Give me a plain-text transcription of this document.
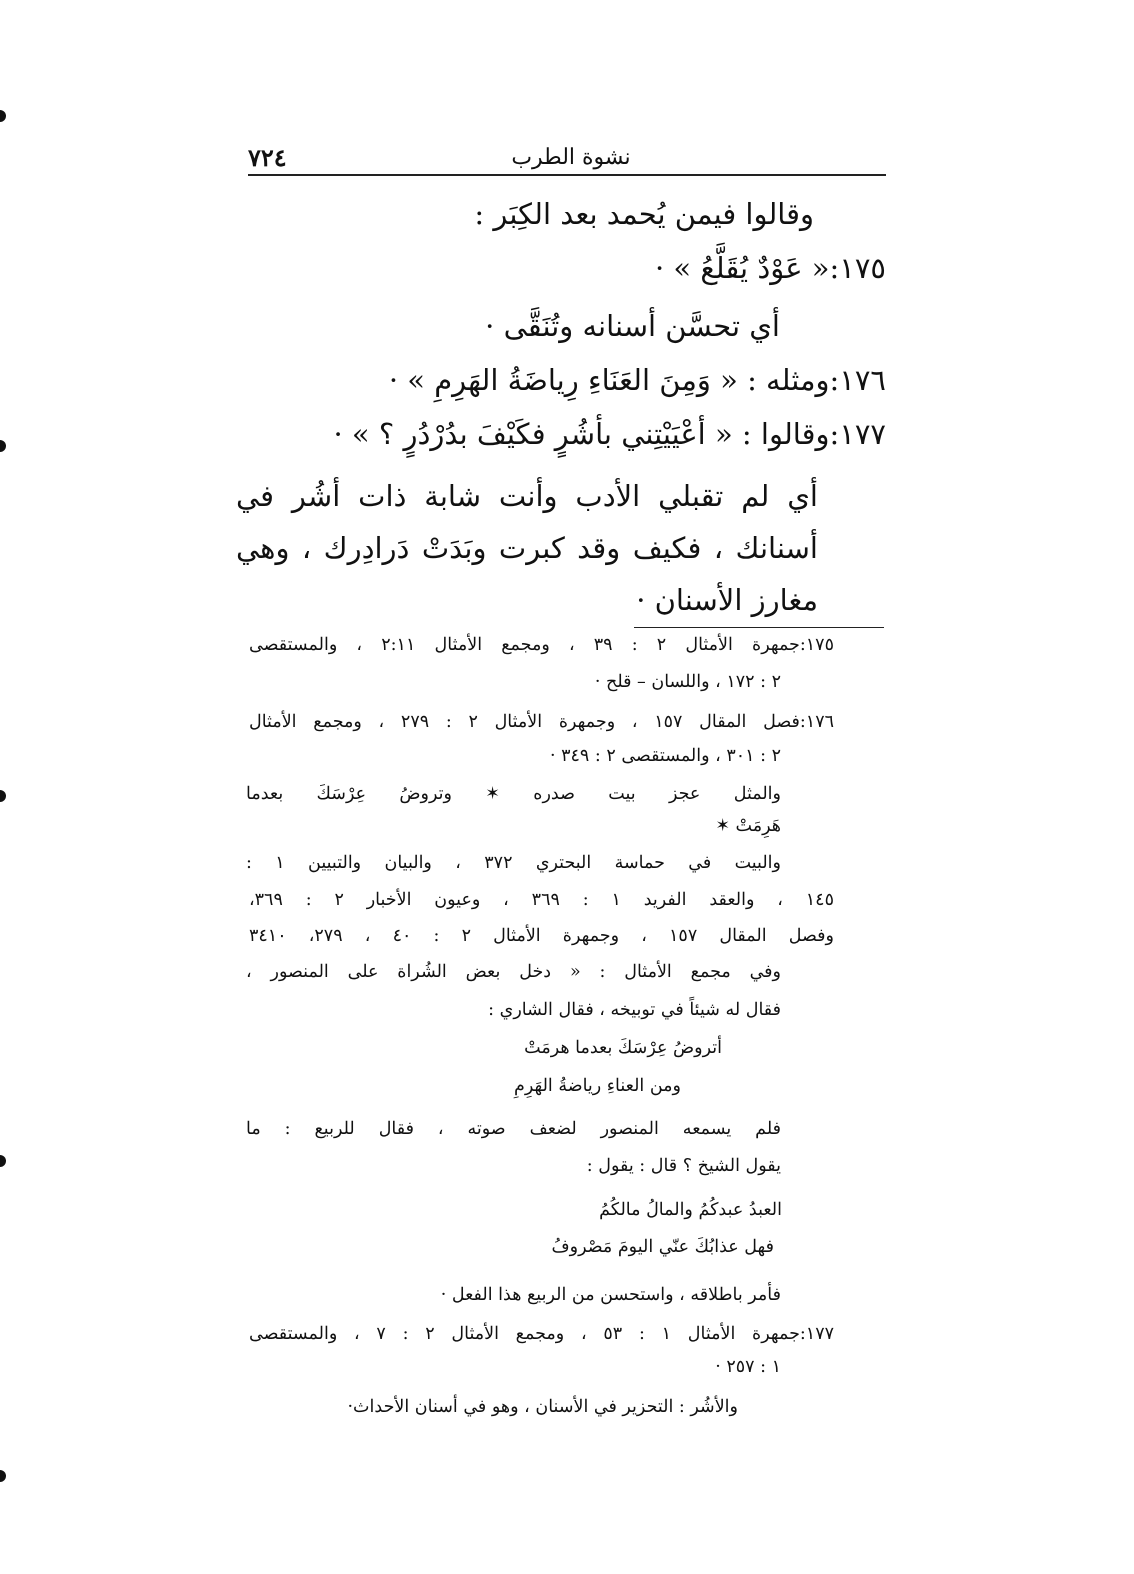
٧٢٤	نشوة الطرب
وقالوا فيمن يُحمد بعد الكِبَر :
١٧٥:« عَوْدٌ يُقَلَّعُ » ·
أي تحسَّن أسنانه وتُنَقَّى ·
١٧٦:ومثله : « وَمِنَ العَنَاءِ رِياضَةُ الهَرِمِ » ·
١٧٧:وقالوا : « أعْيَيْتِني بأشُرٍ فكَيْفَ بدُرْدُرٍ ؟ » ·
أي لم تقبلي الأدب وأنت شابة ذات أشُر في أسنانك ، فكيف وقد كبرت وبَدَتْ دَرادِرك ، وهي مغارز الأسنان ·
١٧٥:جمهرة الأمثال ٢ : ٣٩ ، ومجمع الأمثال ٢:١١ ، والمستقصى
٢ : ١٧٢ ، واللسان – قلح ·
١٧٦:فصل المقال ١٥٧ ، وجمهرة الأمثال ٢ : ٢٧٩ ، ومجمع الأمثال
٢ : ٣٠١ ، والمستقصى ٢ : ٣٤٩ ·
والمثل عجز بيت صدره ✶ وتروضُ عِرْسَكَ بعدما
هَرِمَتْ ✶
والبيت في حماسة البحتري ٣٧٢ ، والبيان والتبيين ١ :
١٤٥ ، والعقد الفريد ١ : ٣٦٩ ، وعيون الأخبار ٢ : ٣٦٩،
وفصل المقال ١٥٧ ، وجمهرة الأمثال ٢ : ٤٠ ، ٢٧٩، ٣٤١٠
وفي مجمع الأمثال : « دخل بعض الشُراة على المنصور ،
فقال له شيئاً في توبيخه ، فقال الشاري :
أتروضُ عِرْسَكَ بعدما هرمَتْ
ومن العناءِ رياضةُ الهَرِمِ
فلم يسمعه المنصور لضعف صوته ، فقال للربيع : ما
يقول الشيخ ؟ قال : يقول :
العبدُ عبدكُمُ والمالُ مالكُمُ
فهل عذابُكَ عنّي اليومَ مَصْروفُ
فأمر باطلاقه ، واستحسن من الربيع هذا الفعل ·
١٧٧:جمهرة الأمثال ١ : ٥٣ ، ومجمع الأمثال ٢ : ٧ ، والمستقصى
١ : ٢٥٧ ·
والأشُر : التحزير في الأسنان ، وهو في أسنان الأحداث·
